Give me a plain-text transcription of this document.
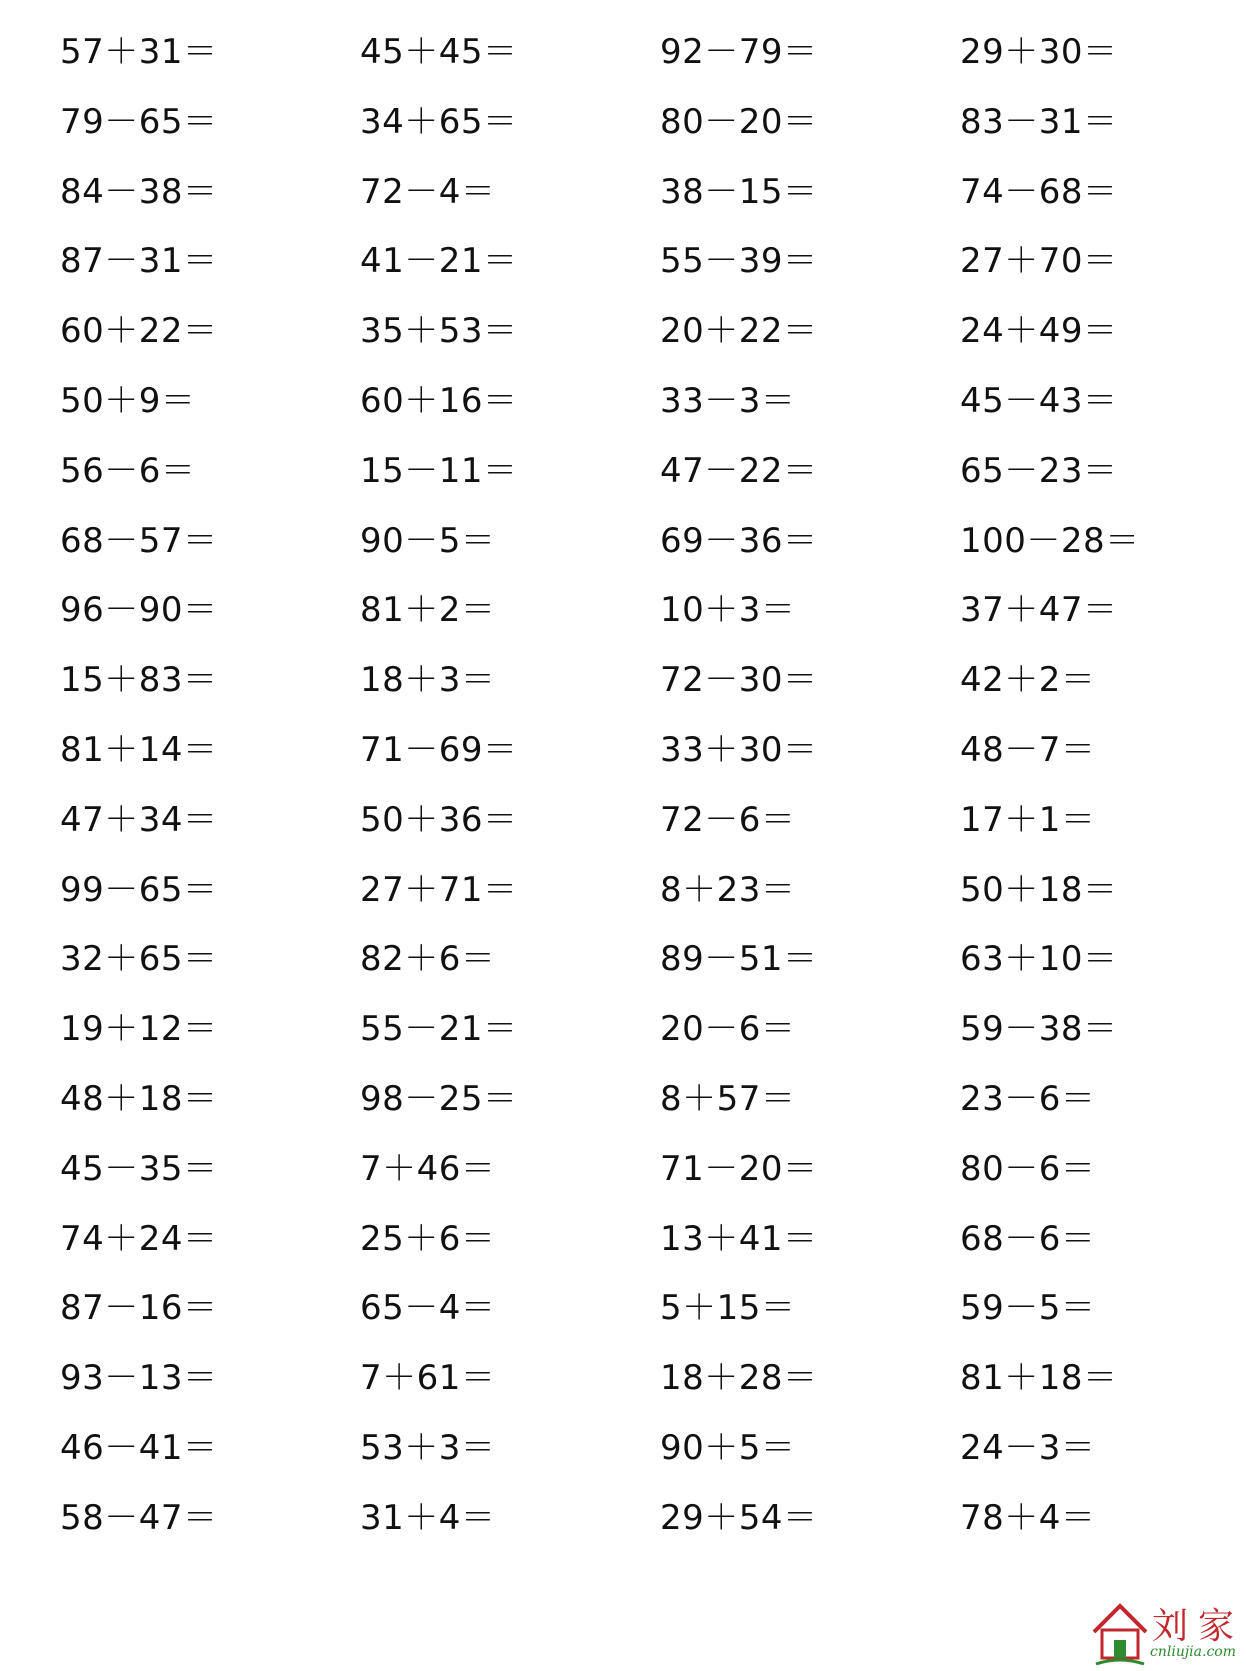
57＋31＝	45＋45＝	92－79＝	29＋30＝
79－65＝	34＋65＝	80－20＝	83－31＝
84－38＝	72－4＝	38－15＝	74－68＝
87－31＝	41－21＝	55－39＝	27＋70＝
60＋22＝	35＋53＝	20＋22＝	24＋49＝
50＋9＝	60＋16＝	33－3＝	45－43＝
56－6＝	15－11＝	47－22＝	65－23＝
68－57＝	90－5＝	69－36＝	100－28＝
96－90＝	81＋2＝	10＋3＝	37＋47＝
15＋83＝	18＋3＝	72－30＝	42＋2＝
81＋14＝	71－69＝	33＋30＝	48－7＝
47＋34＝	50＋36＝	72－6＝	17＋1＝
99－65＝	27＋71＝	8＋23＝	50＋18＝
32＋65＝	82＋6＝	89－51＝	63＋10＝
19＋12＝	55－21＝	20－6＝	59－38＝
48＋18＝	98－25＝	8＋57＝	23－6＝
45－35＝	7＋46＝	71－20＝	80－6＝
74＋24＝	25＋6＝	13＋41＝	68－6＝
87－16＝	65－4＝	5＋15＝	59－5＝
93－13＝	7＋61＝	18＋28＝	81＋18＝
46－41＝	53＋3＝	90＋5＝	24－3＝
58－47＝	31＋4＝	29＋54＝	78＋4＝
刘家
cnliujia.com
